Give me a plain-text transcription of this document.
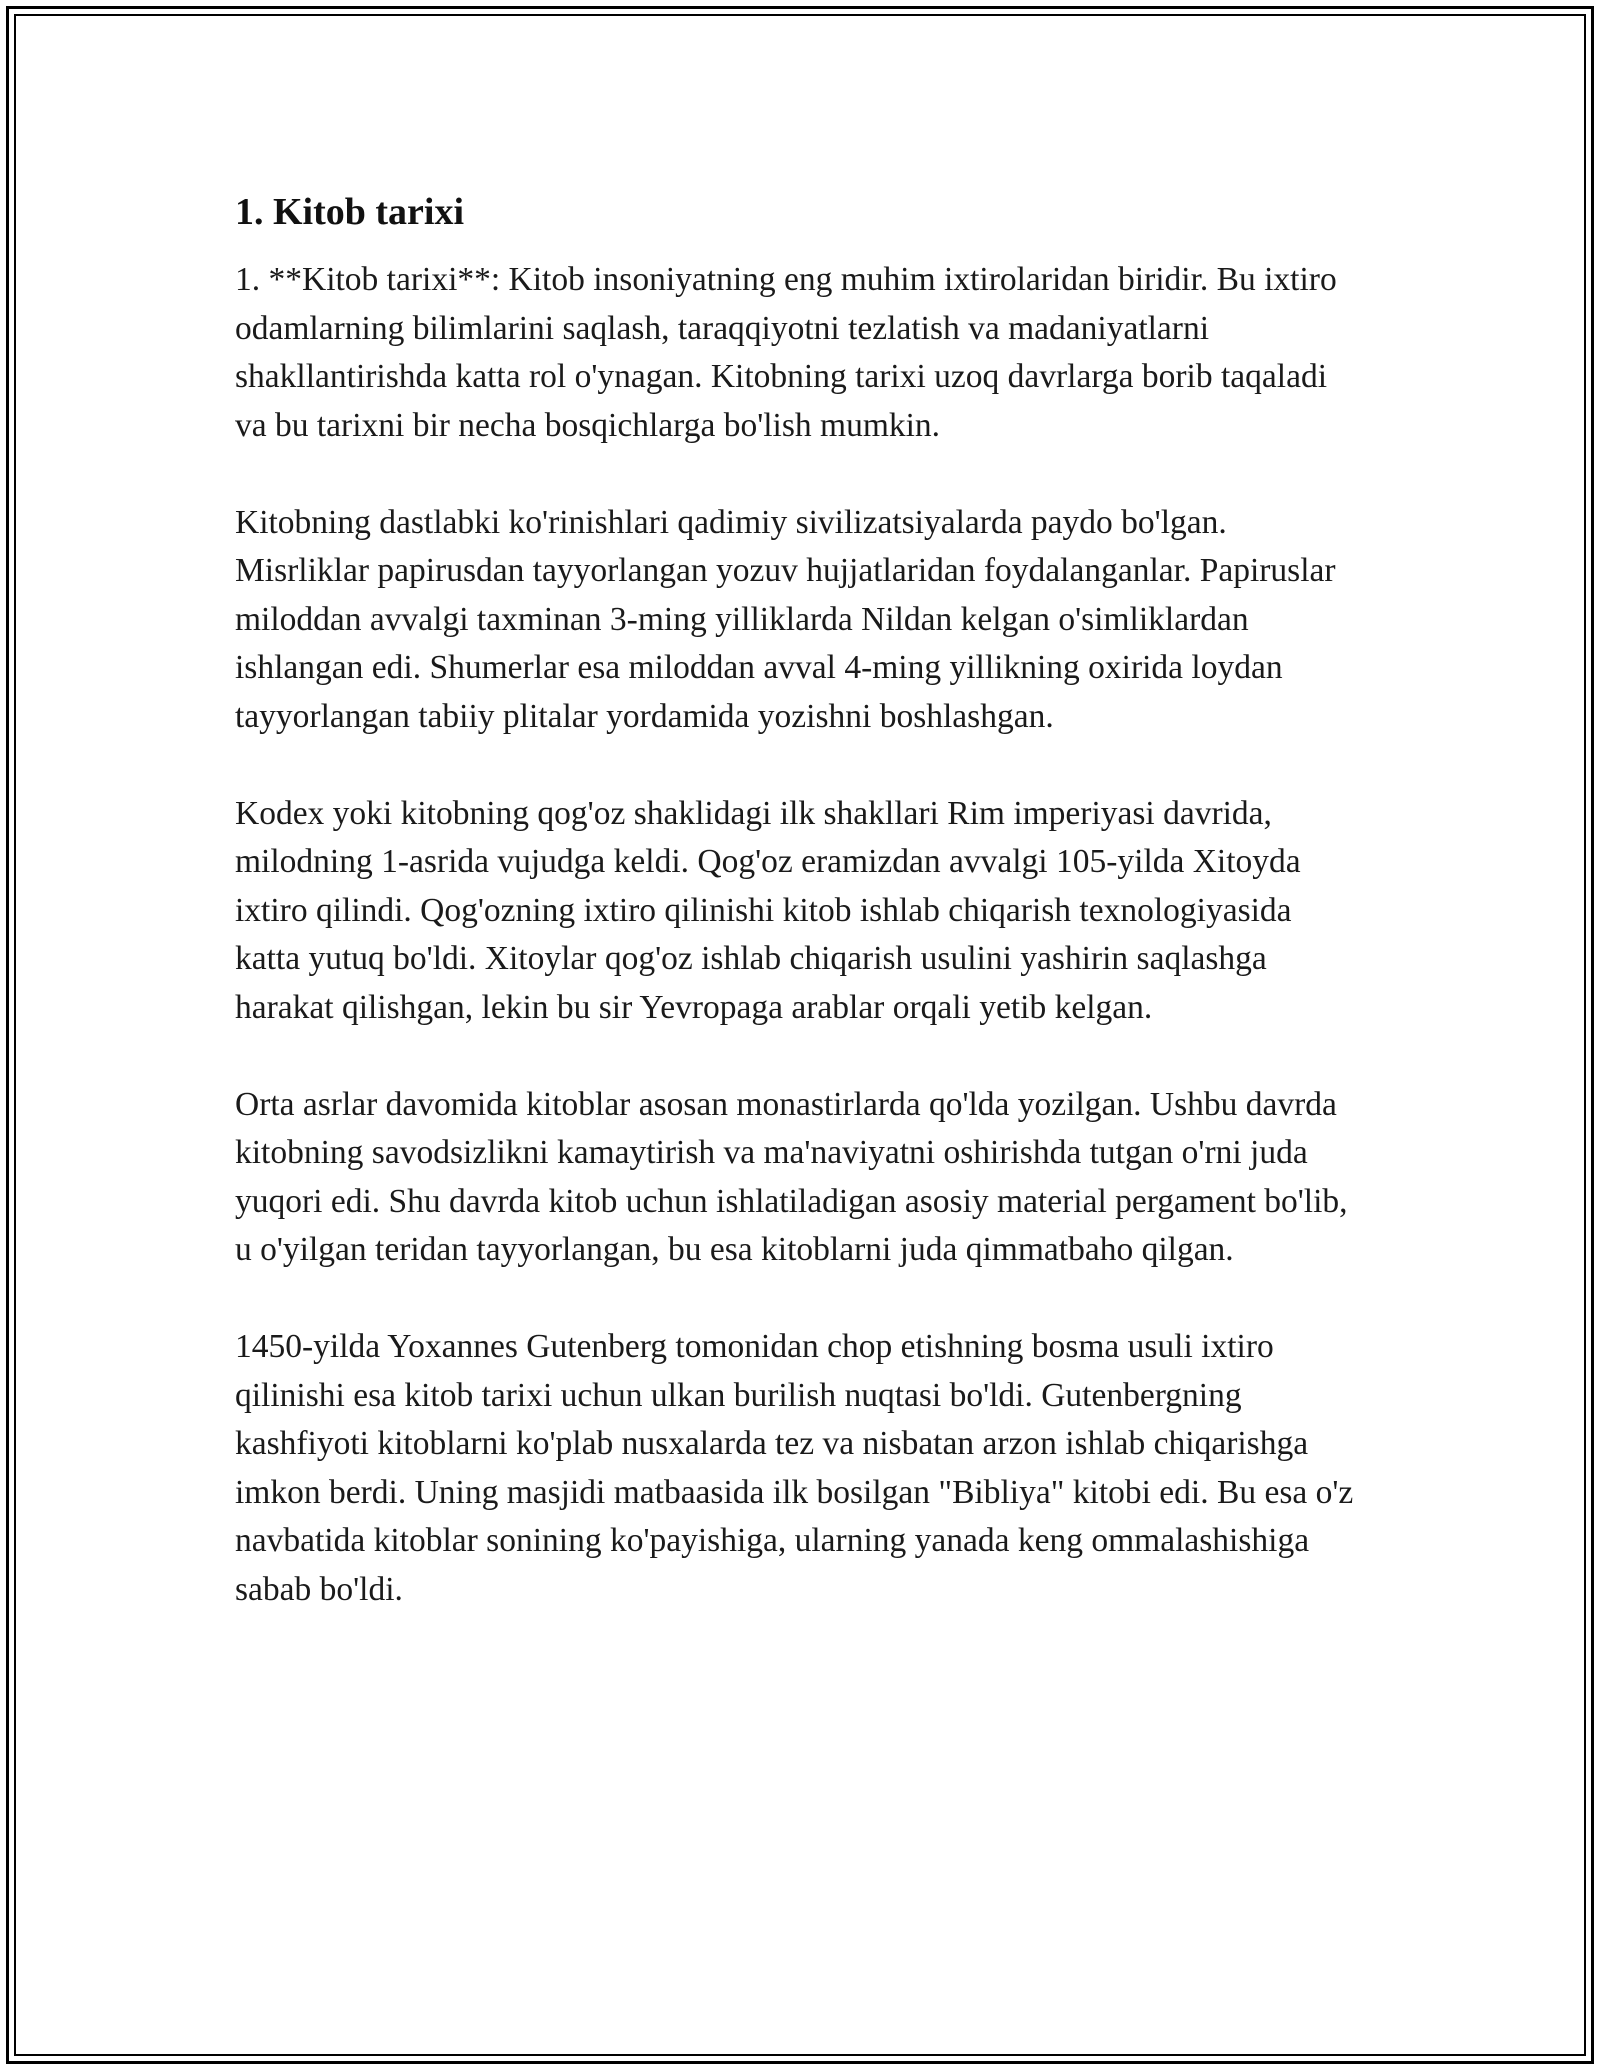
1. Kitob tarixi

1. **Kitob tarixi**: Kitob insoniyatning eng muhim ixtirolaridan biridir. Bu ixtiro odamlarning bilimlarini saqlash, taraqqiyotni tezlatish va madaniyatlarni shakllantirishda katta rol o'ynagan. Kitobning tarixi uzoq davrlarga borib taqaladi va bu tarixni bir necha bosqichlarga bo'lish mumkin.

Kitobning dastlabki ko'rinishlari qadimiy sivilizatsiyalarda paydo bo'lgan. Misrliklar papirusdan tayyorlangan yozuv hujjatlaridan foydalanganlar. Papiruslar miloddan avvalgi taxminan 3-ming yilliklarda Nildan kelgan o'simliklardan ishlangan edi. Shumerlar esa miloddan avval 4-ming yillikning oxirida loydan tayyorlangan tabiiy plitalar yordamida yozishni boshlashgan.

Kodex yoki kitobning qog'oz shaklidagi ilk shakllari Rim imperiyasi davrida, milodning 1-asrida vujudga keldi. Qog'oz eramizdan avvalgi 105-yilda Xitoyda ixtiro qilindi. Qog'ozning ixtiro qilinishi kitob ishlab chiqarish texnologiyasida katta yutuq bo'ldi. Xitoylar qog'oz ishlab chiqarish usulini yashirin saqlashga harakat qilishgan, lekin bu sir Yevropaga arablar orqali yetib kelgan.

Orta asrlar davomida kitoblar asosan monastirlarda qo'lda yozilgan. Ushbu davrda kitobning savodsizlikni kamaytirish va ma'naviyatni oshirishda tutgan o'rni juda yuqori edi. Shu davrda kitob uchun ishlatiladigan asosiy material pergament bo'lib, u o'yilgan teridan tayyorlangan, bu esa kitoblarni juda qimmatbaho qilgan.

1450-yilda Yoxannes Gutenberg tomonidan chop etishning bosma usuli ixtiro qilinishi esa kitob tarixi uchun ulkan burilish nuqtasi bo'ldi. Gutenbergning kashfiyoti kitoblarni ko'plab nusxalarda tez va nisbatan arzon ishlab chiqarishga imkon berdi. Uning masjidi matbaasida ilk bosilgan "Bibliya" kitobi edi. Bu esa o'z navbatida kitoblar sonining ko'payishiga, ularning yanada keng ommalashishiga sabab bo'ldi.
